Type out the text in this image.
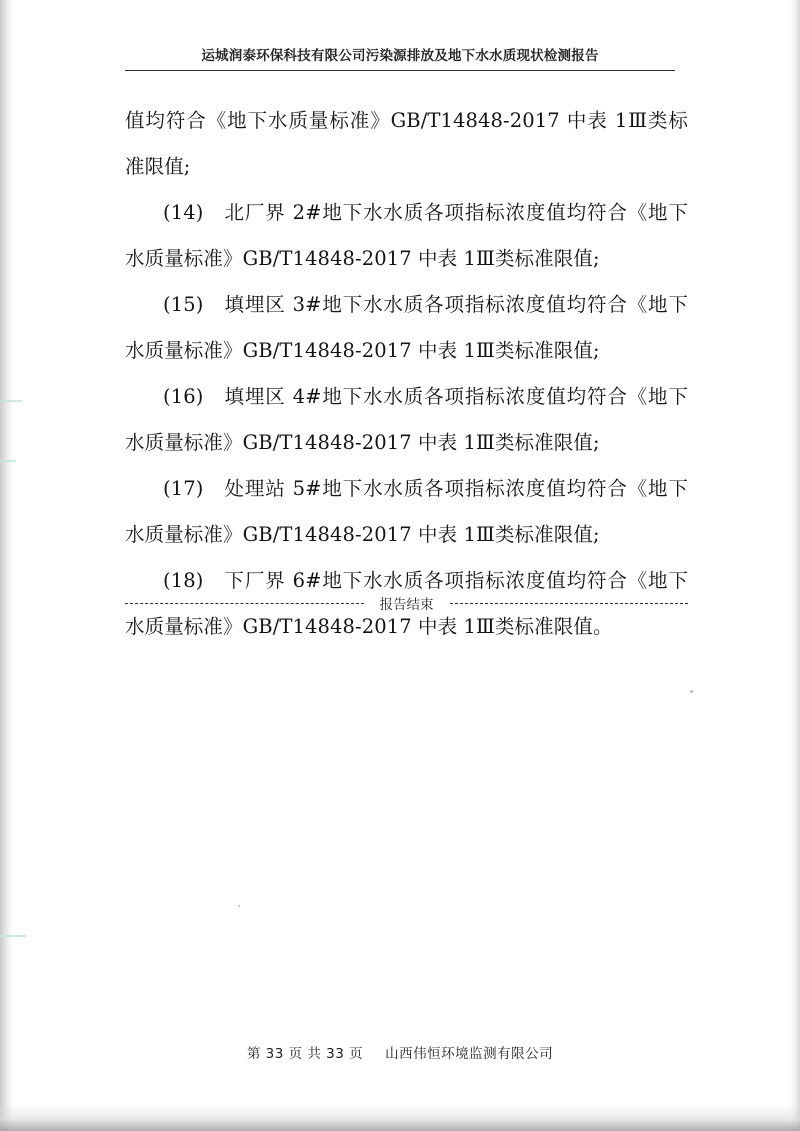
运城润泰环保科技有限公司污染源排放及地下水水质现状检测报告

值均符合《地下水质量标准》GB/T14848-2017 中表 1Ⅲ类标准限值;

(14)　北厂界 2#地下水水质各项指标浓度值均符合《地下水质量标准》GB/T14848-2017 中表 1Ⅲ类标准限值;

(15)　填埋区 3#地下水水质各项指标浓度值均符合《地下水质量标准》GB/T14848-2017 中表 1Ⅲ类标准限值;

(16)　填埋区 4#地下水水质各项指标浓度值均符合《地下水质量标准》GB/T14848-2017 中表 1Ⅲ类标准限值;

(17)　处理站 5#地下水水质各项指标浓度值均符合《地下水质量标准》GB/T14848-2017 中表 1Ⅲ类标准限值;

(18)　下厂界 6#地下水水质各项指标浓度值均符合《地下水质量标准》GB/T14848-2017 中表 1Ⅲ类标准限值。

报告结束
第 33 页 共 33 页 山西伟恒环境监测有限公司
